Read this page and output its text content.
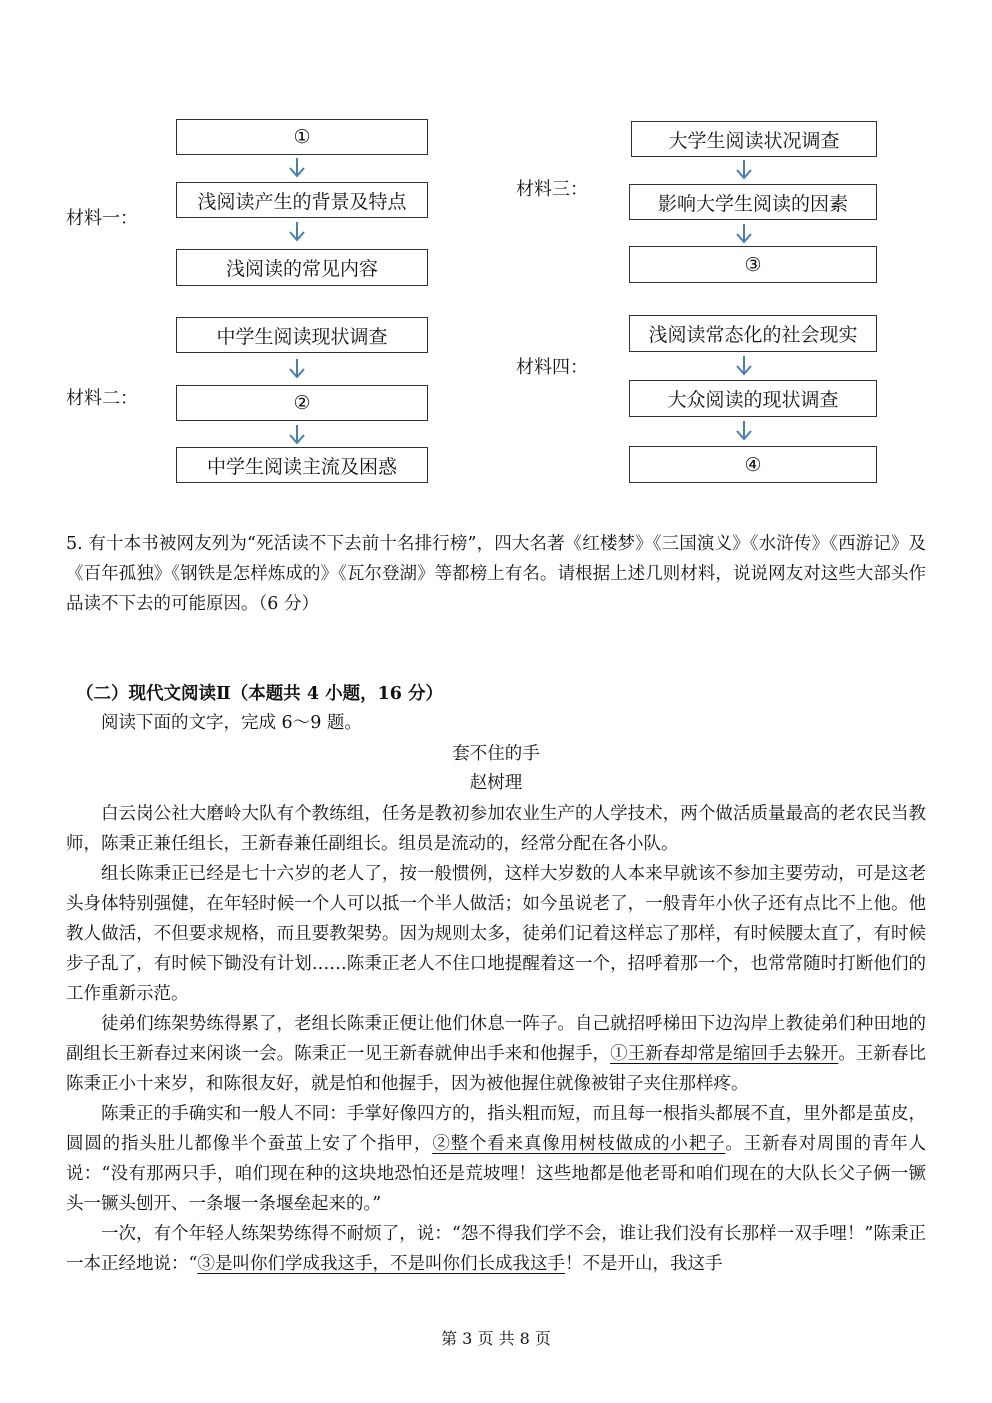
材料一：
①
浅阅读产生的背景及特点
浅阅读的常见内容
材料二：
中学生阅读现状调查
②
中学生阅读主流及困惑
材料三：
大学生阅读状况调查
影响大学生阅读的因素
③
材料四：
浅阅读常态化的社会现实
大众阅读的现状调查
④

5. 有十本书被网友列为“死活读不下去前十名排行榜”，四大名著《红楼梦》《三国演义》《水浒传》《西游记》及《百年孤独》《钢铁是怎样炼成的》《瓦尔登湖》等都榜上有名。请根据上述几则材料，说说网友对这些大部头作品读不下去的可能原因。（6 分）

（二）现代文阅读Ⅱ（本题共 4 小题，16 分）
阅读下面的文字，完成 6～9 题。
套不住的手
赵树理

白云岗公社大磨岭大队有个教练组，任务是教初参加农业生产的人学技术，两个做活质量最高的老农民当教师，陈秉正兼任组长，王新春兼任副组长。组员是流动的，经常分配在各小队。

组长陈秉正已经是七十六岁的老人了，按一般惯例，这样大岁数的人本来早就该不参加主要劳动，可是这老头身体特别强健，在年轻时候一个人可以抵一个半人做活；如今虽说老了，一般青年小伙子还有点比不上他。他教人做活，不但要求规格，而且要教架势。因为规则太多，徒弟们记着这样忘了那样，有时候腰太直了，有时候步子乱了，有时候下锄没有计划……陈秉正老人不住口地提醒着这一个，招呼着那一个，也常常随时打断他们的工作重新示范。

徒弟们练架势练得累了，老组长陈秉正便让他们休息一阵子。自己就招呼梯田下边沟岸上教徒弟们种田地的副组长王新春过来闲谈一会。陈秉正一见王新春就伸出手来和他握手，①王新春却常是缩回手去躲开。王新春比陈秉正小十来岁，和陈很友好，就是怕和他握手，因为被他握住就像被钳子夹住那样疼。

陈秉正的手确实和一般人不同：手掌好像四方的，指头粗而短，而且每一根指头都展不直，里外都是茧皮，圆圆的指头肚儿都像半个蚕茧上安了个指甲，②整个看来真像用树枝做成的小耙子。王新春对周围的青年人说：“没有那两只手，咱们现在种的这块地恐怕还是荒坡哩！这些地都是他老哥和咱们现在的大队长父子俩一镢头一镢头刨开、一条堰一条堰垒起来的。”

一次，有个年轻人练架势练得不耐烦了，说：“怨不得我们学不会，谁让我们没有长那样一双手哩！”陈秉正一本正经地说：“③是叫你们学成我这手，不是叫你们长成我这手！不是开山，我这手

第 3 页 共 8 页
